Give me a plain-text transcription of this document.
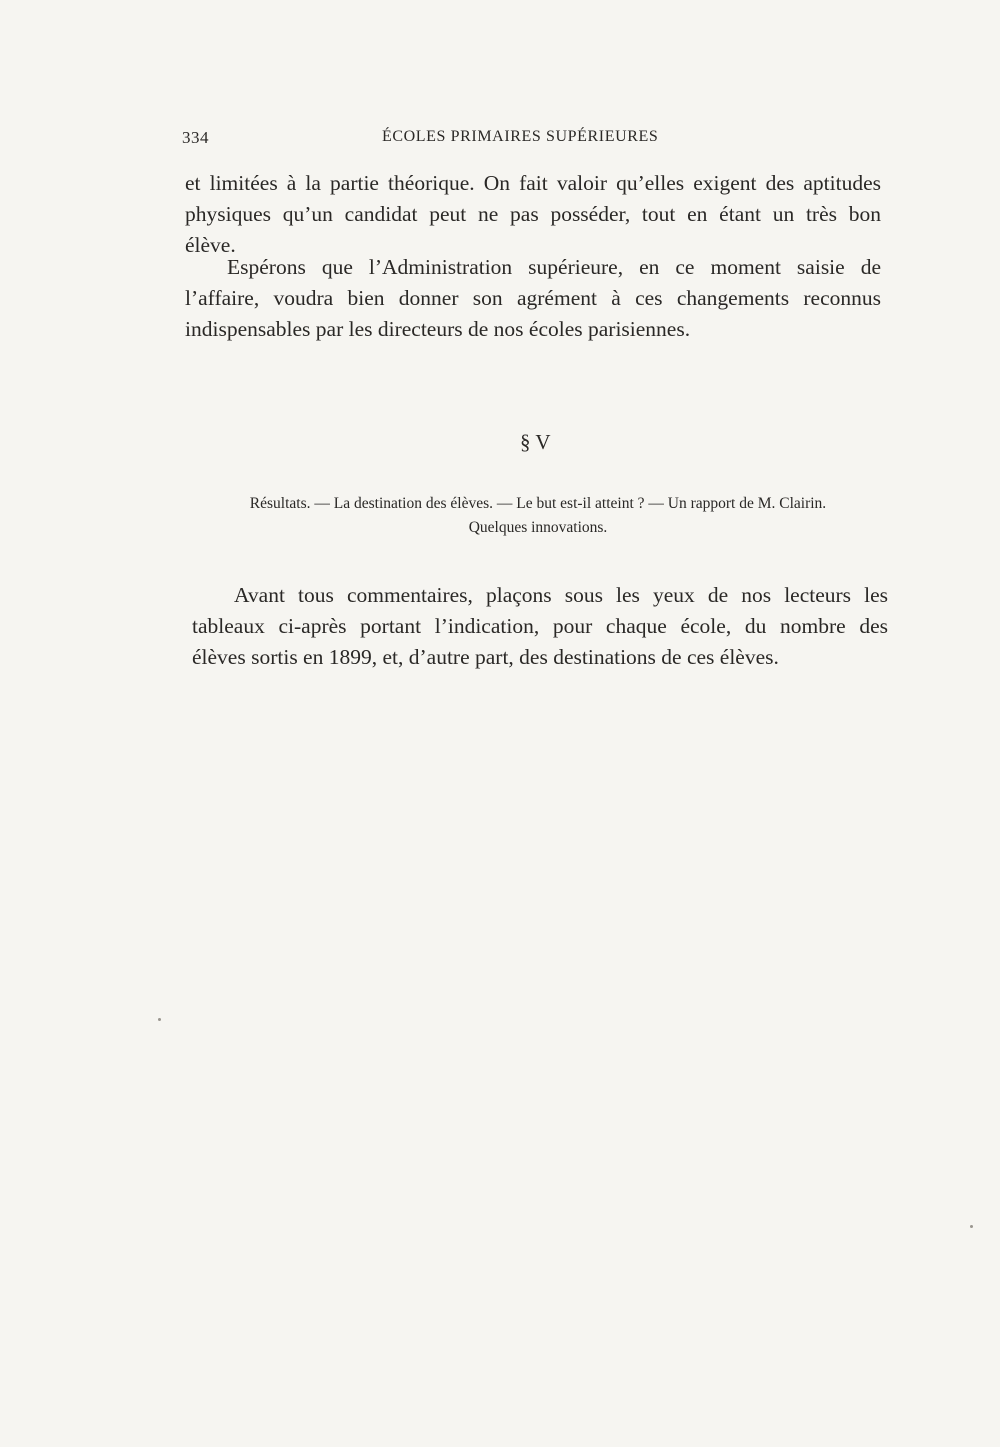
334	ÉCOLES PRIMAIRES SUPÉRIEURES

et limitées à la partie théorique. On fait valoir qu’elles exigent des aptitudes
physiques qu’un candidat peut ne pas posséder, tout en étant un très bon
élève.

Espérons que l’Administration supérieure, en ce moment saisie de
l’affaire, voudra bien donner son agrément à ces changements reconnus
indispensables par les directeurs de nos écoles parisiennes.

§ V
Résultats. — La destination des élèves. — Le but est-il atteint ? — Un rapport de M. Clairin.
Quelques innovations.

Avant tous commentaires, plaçons sous les yeux de nos lecteurs les
tableaux ci-après portant l’indication, pour chaque école, du nombre des
élèves sortis en 1899, et, d’autre part, des destinations de ces élèves.
